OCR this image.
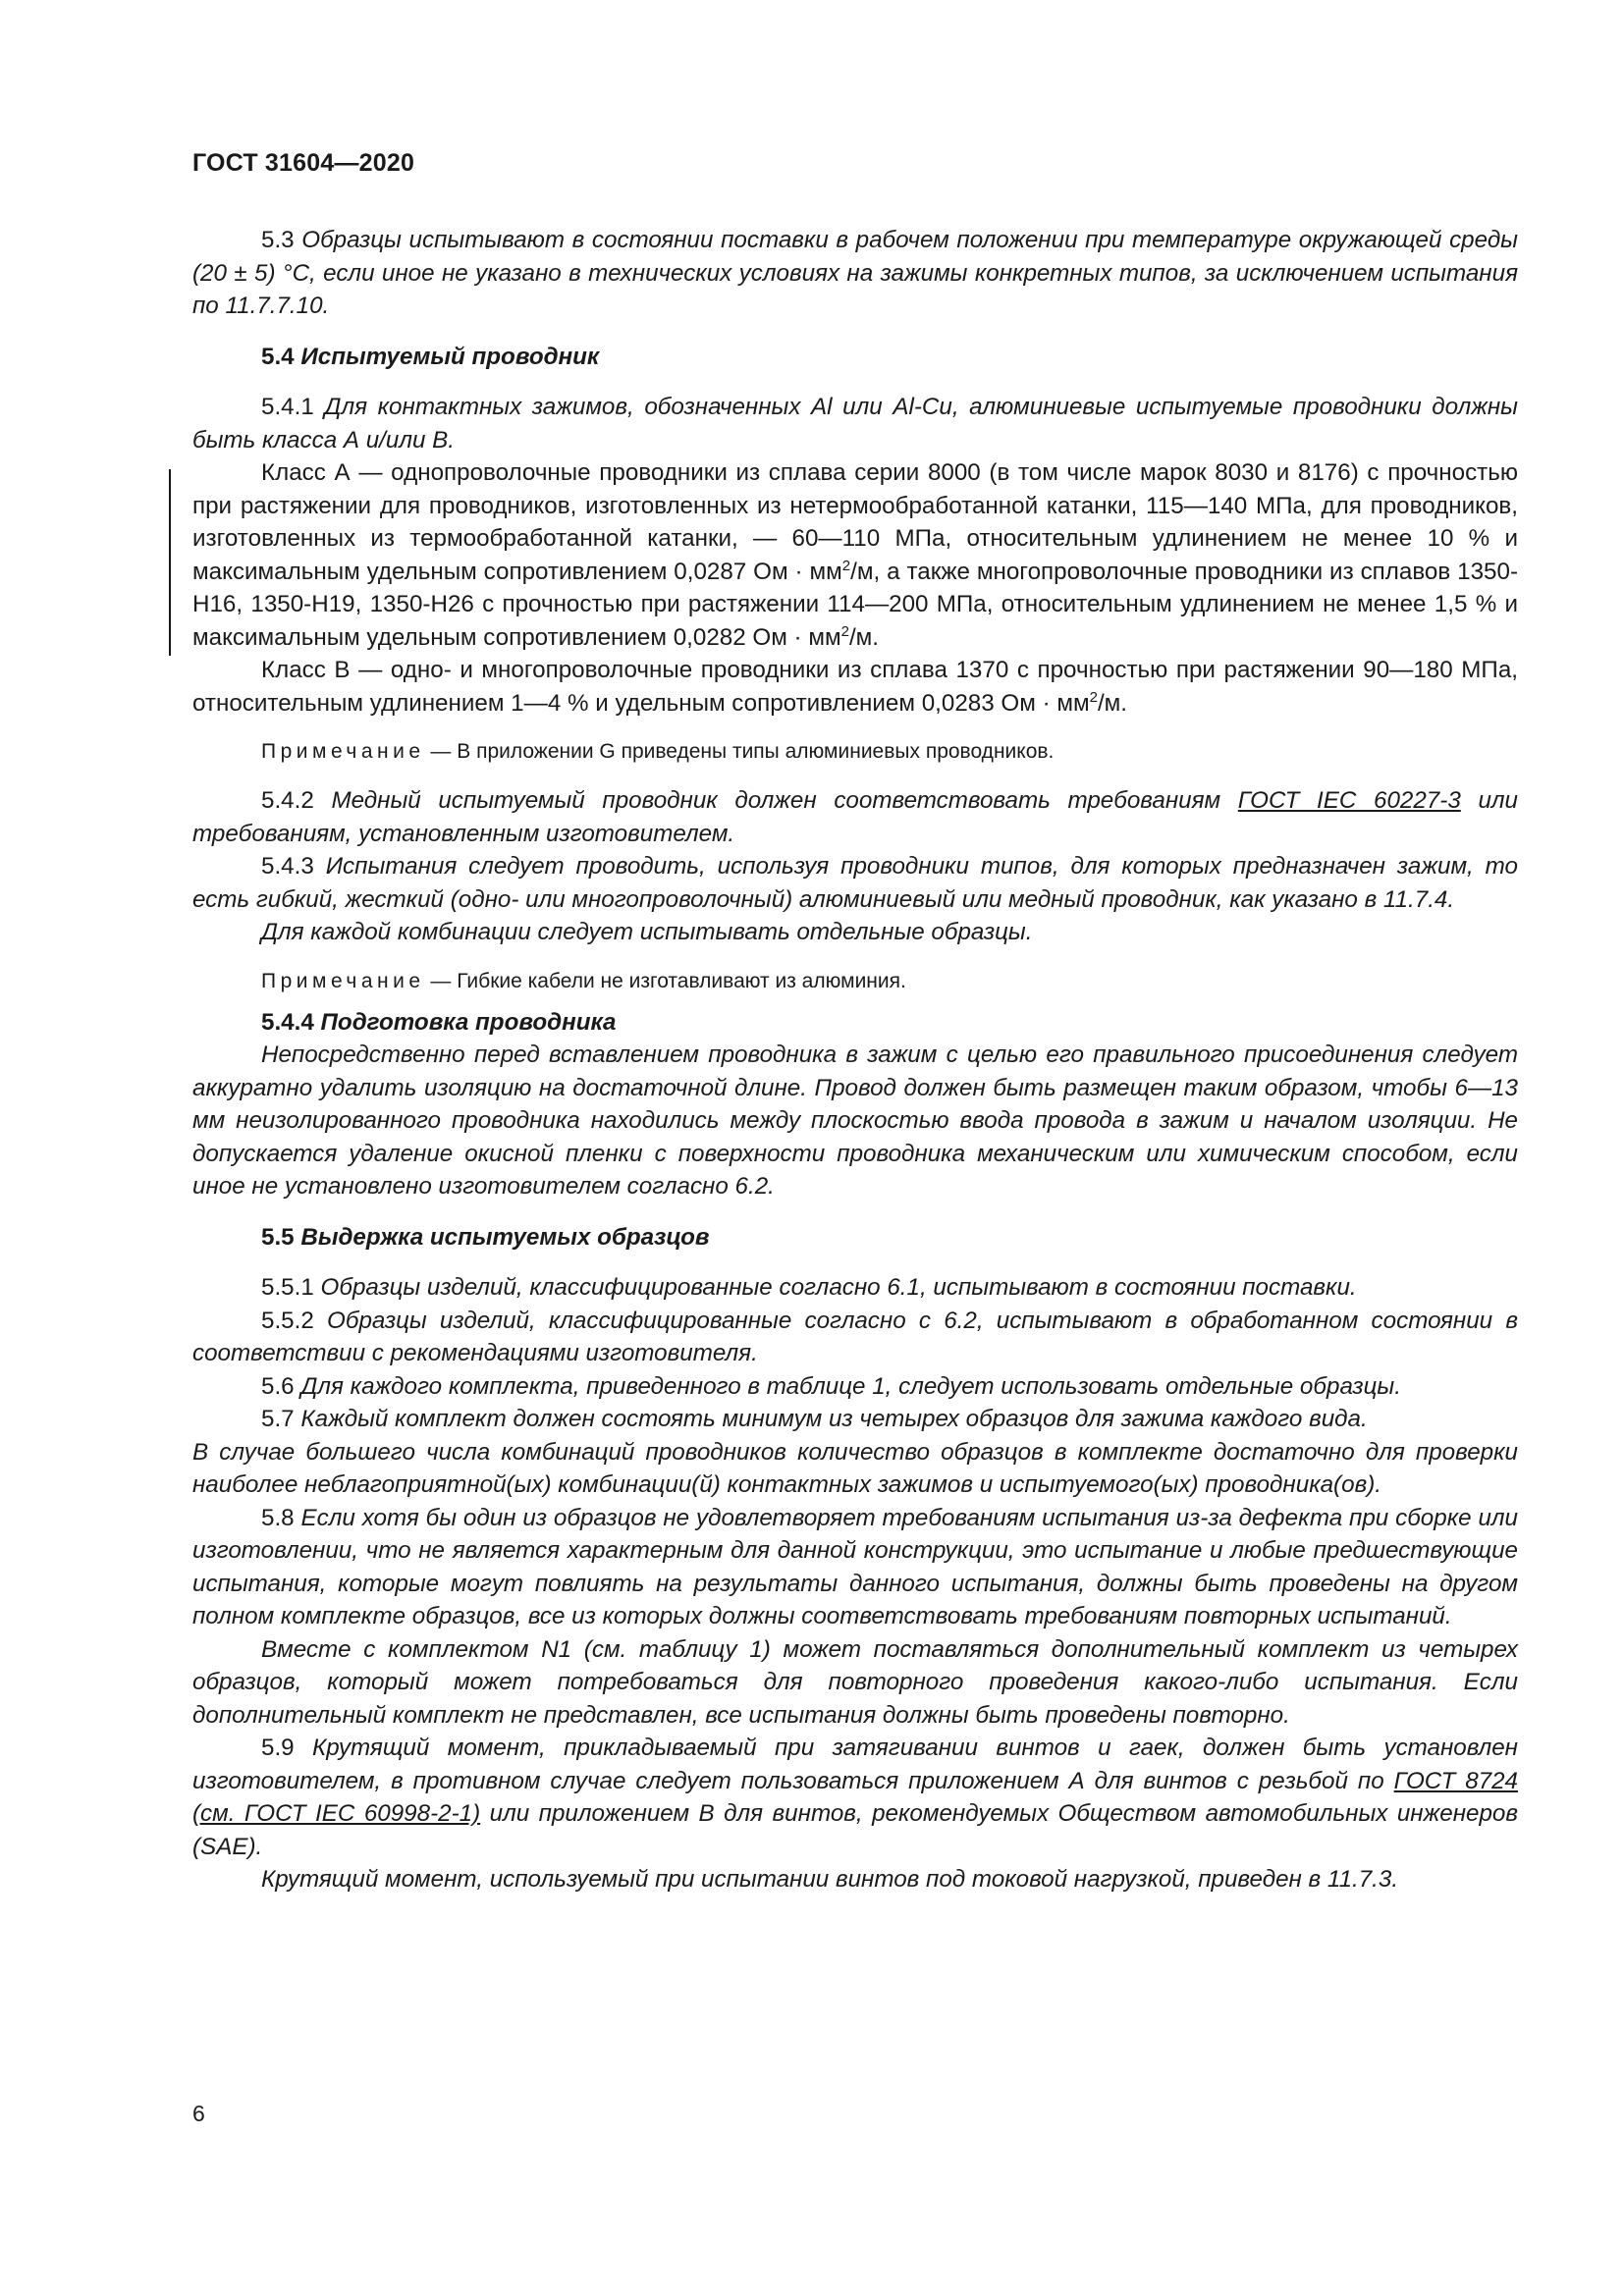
ГОСТ 31604—2020

5.3 Образцы испытывают в состоянии поставки в рабочем положении при температуре окружающей среды (20 ± 5) °С, если иное не указано в технических условиях на зажимы конкретных типов, за исключением испытания по 11.7.7.10.

5.4 Испытуемый проводник

5.4.1 Для контактных зажимов, обозначенных Al или Al-Cu, алюминиевые испытуемые проводники должны быть класса А и/или В.

Класс А — однопроволочные проводники из сплава серии 8000 (в том числе марок 8030 и 8176) с прочностью при растяжении для проводников, изготовленных из нетермообработанной катанки, 115—140 МПа, для проводников, изготовленных из термообработанной катанки, — 60—110 МПа, относительным удлинением не менее 10 % и максимальным удельным сопротивлением 0,0287 Ом · $мм^2/м$, а также многопроволочные проводники из сплавов 1350-Н16, 1350-Н19, 1350-Н26 с прочностью при растяжении 114—200 МПа, относительным удлинением не менее 1,5 % и максимальным удельным сопротивлением 0,0282 Ом · $мм^2/м$.

Класс В — одно- и многопроволочные проводники из сплава 1370 с прочностью при растяжении 90—180 МПа, относительным удлинением 1—4 % и удельным сопротивлением 0,0283 Ом · $мм^2/м$.

Примечание — В приложении G приведены типы алюминиевых проводников.

5.4.2 Медный испытуемый проводник должен соответствовать требованиям ГОСТ IEC 60227-3 или требованиям, установленным изготовителем.

5.4.3 Испытания следует проводить, используя проводники типов, для которых предназначен зажим, то есть гибкий, жесткий (одно- или многопроволочный) алюминиевый или медный проводник, как указано в 11.7.4.

Для каждой комбинации следует испытывать отдельные образцы.

Примечание — Гибкие кабели не изготавливают из алюминия.

5.4.4 Подготовка проводника

Непосредственно перед вставлением проводника в зажим с целью его правильного присоединения следует аккуратно удалить изоляцию на достаточной длине. Провод должен быть размещен таким образом, чтобы 6—13 мм неизолированного проводника находились между плоскостью ввода провода в зажим и началом изоляции. Не допускается удаление окисной пленки с поверхности проводника механическим или химическим способом, если иное не установлено изготовителем согласно 6.2.

5.5 Выдержка испытуемых образцов

5.5.1 Образцы изделий, классифицированные согласно 6.1, испытывают в состоянии поставки.

5.5.2 Образцы изделий, классифицированные согласно с 6.2, испытывают в обработанном состоянии в соответствии с рекомендациями изготовителя.

5.6 Для каждого комплекта, приведенного в таблице 1, следует использовать отдельные образцы.

5.7 Каждый комплект должен состоять минимум из четырех образцов для зажима каждого вида.

В случае большего числа комбинаций проводников количество образцов в комплекте достаточно для проверки наиболее неблагоприятной(ых) комбинации(й) контактных зажимов и испытуемого(ых) проводника(ов).

5.8 Если хотя бы один из образцов не удовлетворяет требованиям испытания из-за дефекта при сборке или изготовлении, что не является характерным для данной конструкции, это испытание и любые предшествующие испытания, которые могут повлиять на результаты данного испытания, должны быть проведены на другом полном комплекте образцов, все из которых должны соответствовать требованиям повторных испытаний.

Вместе с комплектом N1 (см. таблицу 1) может поставляться дополнительный комплект из четырех образцов, который может потребоваться для повторного проведения какого-либо испытания. Если дополнительный комплект не представлен, все испытания должны быть проведены повторно.

5.9 Крутящий момент, прикладываемый при затягивании винтов и гаек, должен быть установлен изготовителем, в противном случае следует пользоваться приложением А для винтов с резьбой по ГОСТ 8724 (см. ГОСТ IEC 60998-2-1) или приложением В для винтов, рекомендуемых Обществом автомобильных инженеров (SAE).

Крутящий момент, используемый при испытании винтов под токовой нагрузкой, приведен в 11.7.3.

6
